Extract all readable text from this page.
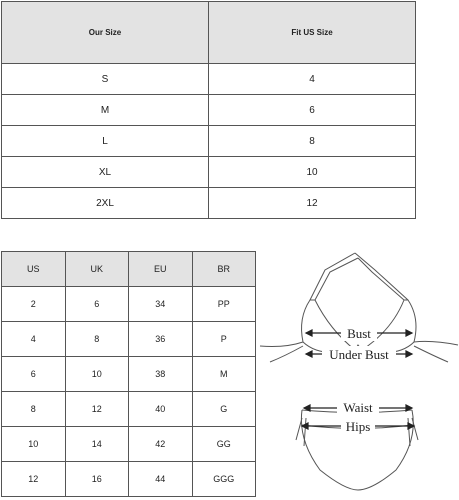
Our Size	Fit US Size
S	4
M	6
L	8
XL	10
2XL	12
US	UK	EU	BR
2	6	34	PP
4	8	36	P
6	10	38	M
8	12	40	G
10	14	42	GG
12	16	44	GGG
Bust
Under Bust
Waist
Hips
